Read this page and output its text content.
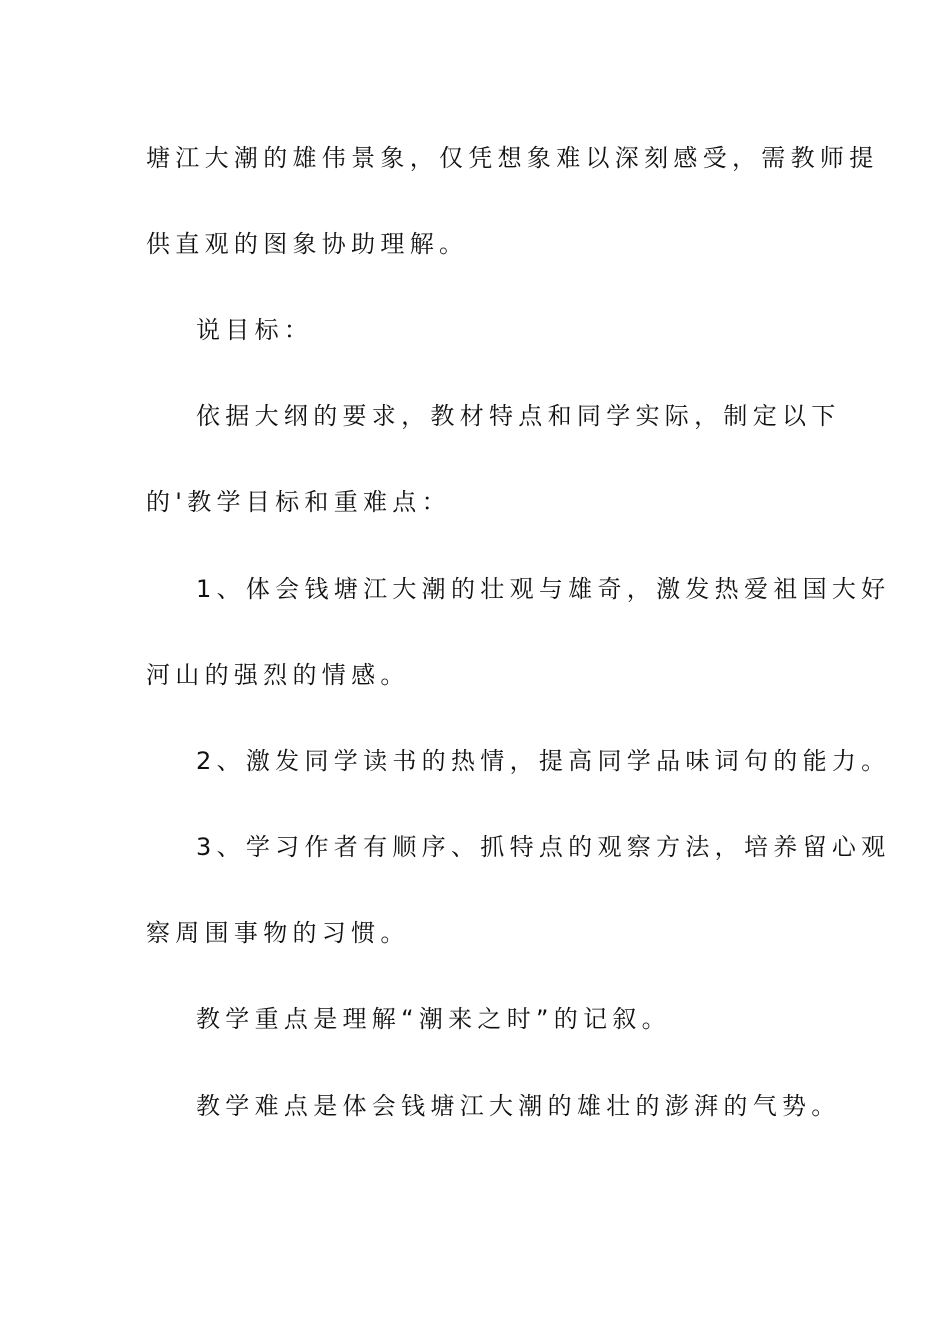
塘江大潮的雄伟景象，仅凭想象难以深刻感受，需教师提
供直观的图象协助理解。
说目标：
依据大纲的要求，教材特点和同学实际，制定以下
的'教学目标和重难点：
1、体会钱塘江大潮的壮观与雄奇，激发热爱祖国大好
河山的强烈的情感。
2、激发同学读书的热情，提高同学品味词句的能力。
3、学习作者有顺序、抓特点的观察方法，培养留心观
察周围事物的习惯。
教学重点是理解“潮来之时”的记叙。
教学难点是体会钱塘江大潮的雄壮的澎湃的气势。
